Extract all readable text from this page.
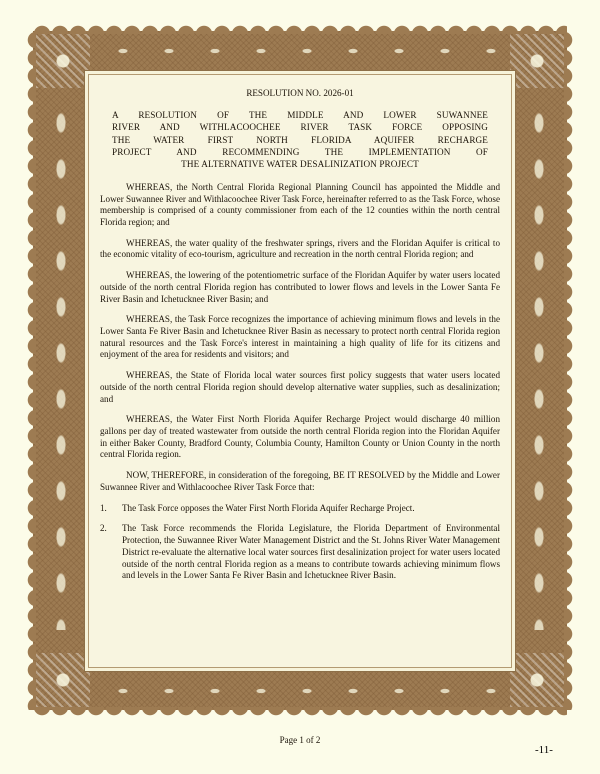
RESOLUTION NO. 2026-01
A RESOLUTION OF THE MIDDLE AND LOWER SUWANNEE
RIVER AND WITHLACOOCHEE RIVER TASK FORCE OPPOSING
THE WATER FIRST NORTH FLORIDA AQUIFER RECHARGE
PROJECT AND RECOMMENDING THE IMPLEMENTATION OF
THE ALTERNATIVE WATER DESALINIZATION PROJECT

WHEREAS, the North Central Florida Regional Planning Council has appointed the Middle and Lower Suwannee River and Withlacoochee River Task Force, hereinafter referred to as the Task Force, whose membership is comprised of a county commissioner from each of the 12 counties within the north central Florida region; and

WHEREAS, the water quality of the freshwater springs, rivers and the Floridan Aquifer is critical to the economic vitality of eco-tourism, agriculture and recreation in the north central Florida region; and

WHEREAS, the lowering of the potentiometric surface of the Floridan Aquifer by water users located outside of the north central Florida region has contributed to lower flows and levels in the Lower Santa Fe River Basin and Ichetucknee River Basin; and

WHEREAS, the Task Force recognizes the importance of achieving minimum flows and levels in the Lower Santa Fe River Basin and Ichetucknee River Basin as necessary to protect north central Florida region natural resources and the Task Force's interest in maintaining a high quality of life for its citizens and enjoyment of the area for residents and visitors; and

WHEREAS, the State of Florida local water sources first policy suggests that water users located outside of the north central Florida region should develop alternative water supplies, such as desalinization; and

WHEREAS, the Water First North Florida Aquifer Recharge Project would discharge 40 million gallons per day of treated wastewater from outside the north central Florida region into the Floridan Aquifer in either Baker County, Bradford County, Columbia County, Hamilton County or Union County in the north central Florida region.

NOW, THEREFORE, in consideration of the foregoing, BE IT RESOLVED by the Middle and Lower Suwannee River and Withlacoochee River Task Force that:

1. The Task Force opposes the Water First North Florida Aquifer Recharge Project.

2. The Task Force recommends the Florida Legislature, the Florida Department of Environmental Protection, the Suwannee River Water Management District and the St. Johns River Water Management District re-evaluate the alternative local water sources first desalinization project for water users located outside of the north central Florida region as a means to contribute towards achieving minimum flows and levels in the Lower Santa Fe River Basin and Ichetucknee River Basin.

Page 1 of 2
-11-
